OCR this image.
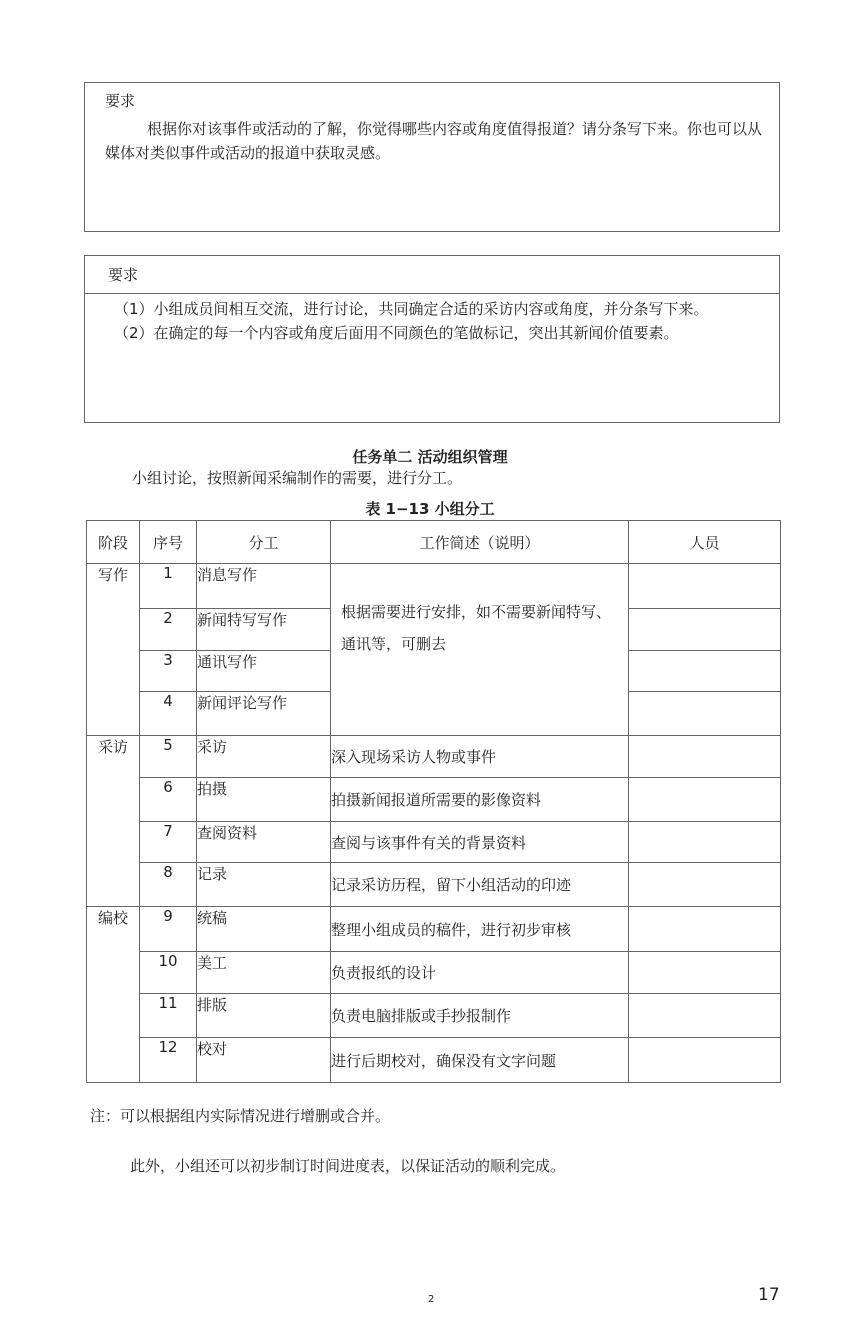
要求
根据你对该事件或活动的了解，你觉得哪些内容或角度值得报道？请分条写下来。你也可以从媒体对类似事件或活动的报道中获取灵感。
要求
（1）小组成员间相互交流，进行讨论，共同确定合适的采访内容或角度，并分条写下来。
（2）在确定的每一个内容或角度后面用不同颜色的笔做标记，突出其新闻价值要素。
任务单二 活动组织管理
小组讨论，按照新闻采编制作的需要，进行分工。
表 1−13 小组分工
阶段	序号	分工	工作简述（说明）	人员
写作	1	消息写作	根据需要进行安排，如不需要新闻特写、通讯等，可删去	
	2	新闻特写写作		
	3	通讯写作		
	4	新闻评论写作		
采访	5	采访	深入现场采访人物或事件	
	6	拍摄	拍摄新闻报道所需要的影像资料	
	7	查阅资料	查阅与该事件有关的背景资料	
	8	记录	记录采访历程，留下小组活动的印迹	
编校	9	统稿	整理小组成员的稿件，进行初步审核	
	10	美工	负责报纸的设计	
	11	排版	负责电脑排版或手抄报制作	
	12	校对	进行后期校对，确保没有文字问题	
注：可以根据组内实际情况进行增删或合并。
此外，小组还可以初步制订时间进度表，以保证活动的顺利完成。
2	17
